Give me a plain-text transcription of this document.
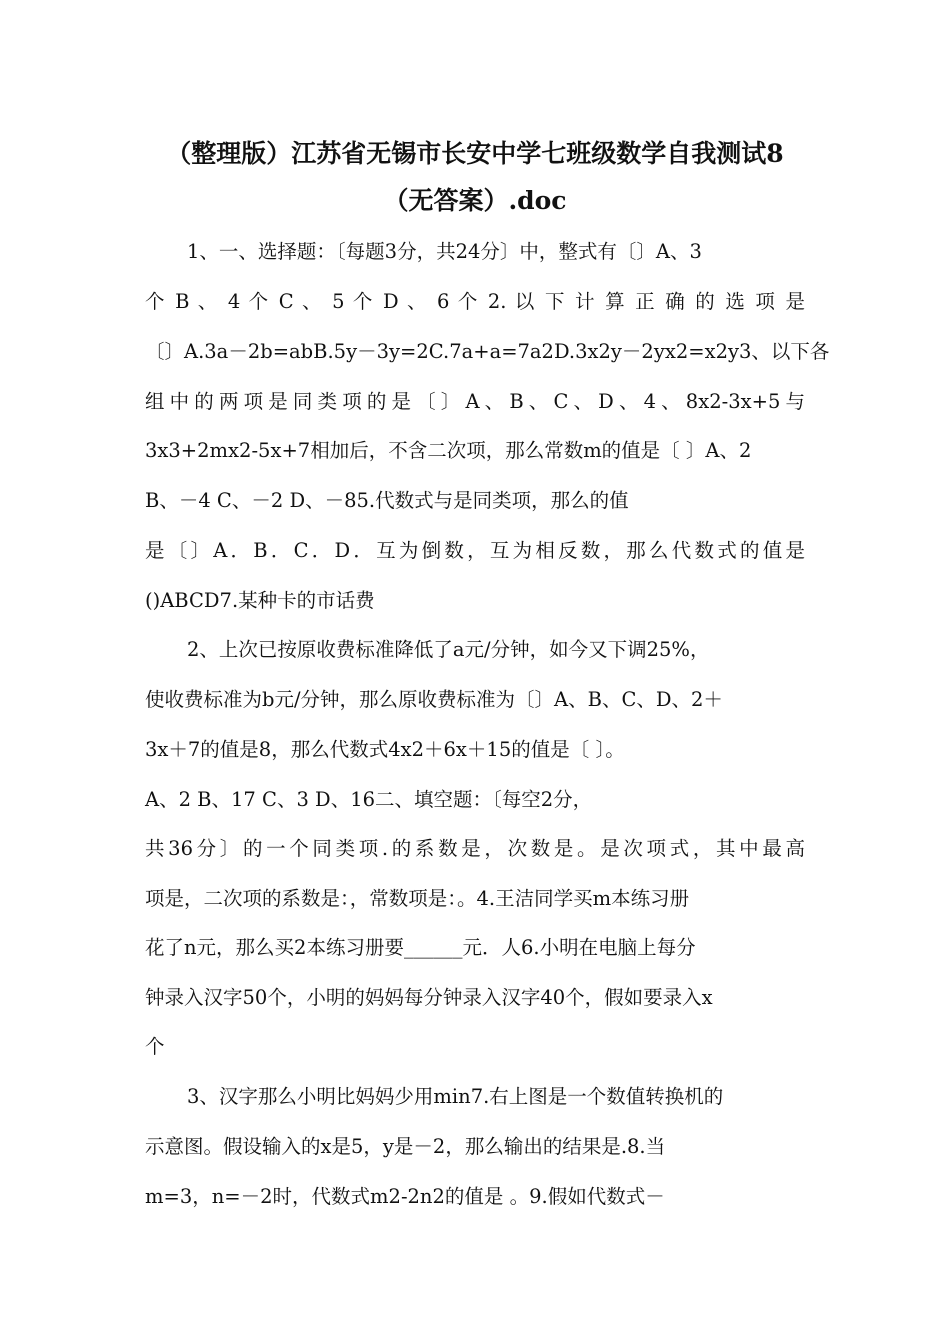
（整理版）江苏省无锡市长安中学七班级数学自我测试8
（无答案）.doc
1、一、选择题：〔每题3分，共24分〕中，整式有〔〕A、3
个 B 、 4 个 C 、 5 个 D 、 6 个 2. 以 下 计 算 正 确 的 选 项 是
〔〕A.3a－2b=abB.5y－3y=2C.7a+a=7a2D.3x2y－2yx2=x2y3、以下各
组中的两项是同类项的是〔〕A、B、C、D、4、8x2-3x+5与
3x3+2mx2-5x+7相加后，不含二次项，那么常数m的值是〔 〕A、2
B、－4 C、－2 D、－85.代数式与是同类项，那么的值
是〔〕A．B．C．D．互为倒数，互为相反数，那么代数式的值是
()ABCD7.某种卡的市话费
2、上次已按原收费标准降低了a元/分钟，如今又下调25%，
使收费标准为b元/分钟，那么原收费标准为〔〕A、B、C、D、2＋
3x＋7的值是8，那么代数式4x2＋6x＋15的值是〔 〕。
A、2 B、17 C、3 D、16二、填空题：〔每空2分，
共36分〕的一个同类项.的系数是，次数是。是次项式，其中最高
项是，二次项的系数是：，常数项是：。4.王洁同学买m本练习册
花了n元，那么买2本练习册要______元．人6.小明在电脑上每分
钟录入汉字50个，小明的妈妈每分钟录入汉字40个，假如要录入x
个
3、汉字那么小明比妈妈少用min7.右上图是一个数值转换机的
示意图。假设输入的x是5，y是－2，那么输出的结果是.8.当
m=3，n=－2时，代数式m2-2n2的值是 。9.假如代数式－
